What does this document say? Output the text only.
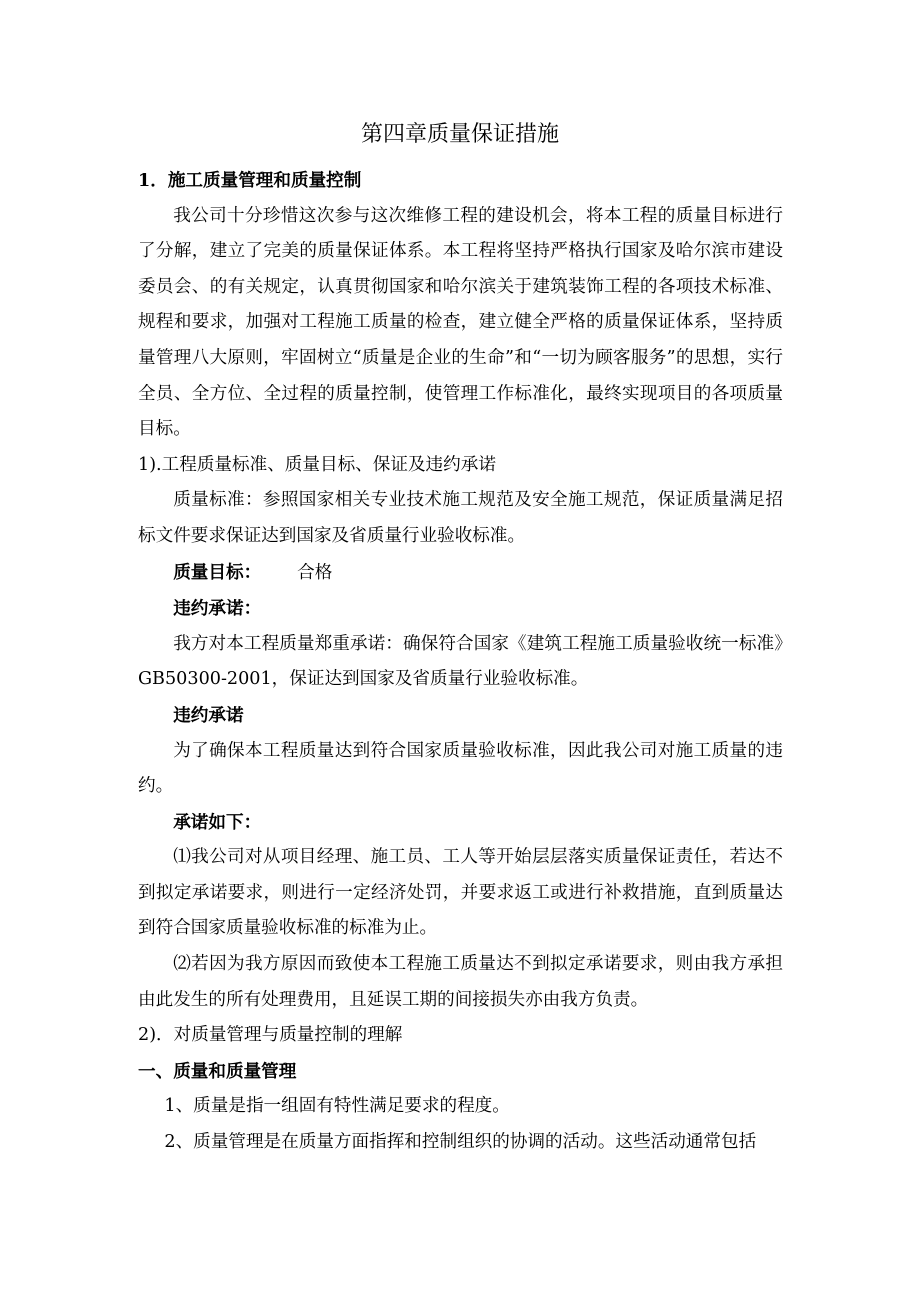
第四章质量保证措施

1．施工质量管理和质量控制

我公司十分珍惜这次参与这次维修工程的建设机会，将本工程的质量目标进行了分解，建立了完美的质量保证体系。本工程将坚持严格执行国家及哈尔滨市建设委员会、的有关规定，认真贯彻国家和哈尔滨关于建筑装饰工程的各项技术标准、规程和要求，加强对工程施工质量的检查，建立健全严格的质量保证体系，坚持质量管理八大原则，牢固树立“质量是企业的生命”和“一切为顾客服务”的思想，实行全员、全方位、全过程的质量控制，使管理工作标准化，最终实现项目的各项质量目标。

1).工程质量标准、质量目标、保证及违约承诺

质量标准：参照国家相关专业技术施工规范及安全施工规范，保证质量满足招标文件要求保证达到国家及省质量行业验收标准。

质量目标： 合格

违约承诺：

我方对本工程质量郑重承诺：确保符合国家《建筑工程施工质量验收统一标准》GB50300-2001，保证达到国家及省质量行业验收标准。

违约承诺

为了确保本工程质量达到符合国家质量验收标准，因此我公司对施工质量的违约。

承诺如下：

⑴我公司对从项目经理、施工员、工人等开始层层落实质量保证责任，若达不到拟定承诺要求，则进行一定经济处罚，并要求返工或进行补救措施，直到质量达到符合国家质量验收标准的标准为止。

⑵若因为我方原因而致使本工程施工质量达不到拟定承诺要求，则由我方承担由此发生的所有处理费用，且延误工期的间接损失亦由我方负责。

2)．对质量管理与质量控制的理解

一、质量和质量管理

1、质量是指一组固有特性满足要求的程度。

2、质量管理是在质量方面指挥和控制组织的协调的活动。这些活动通常包括
